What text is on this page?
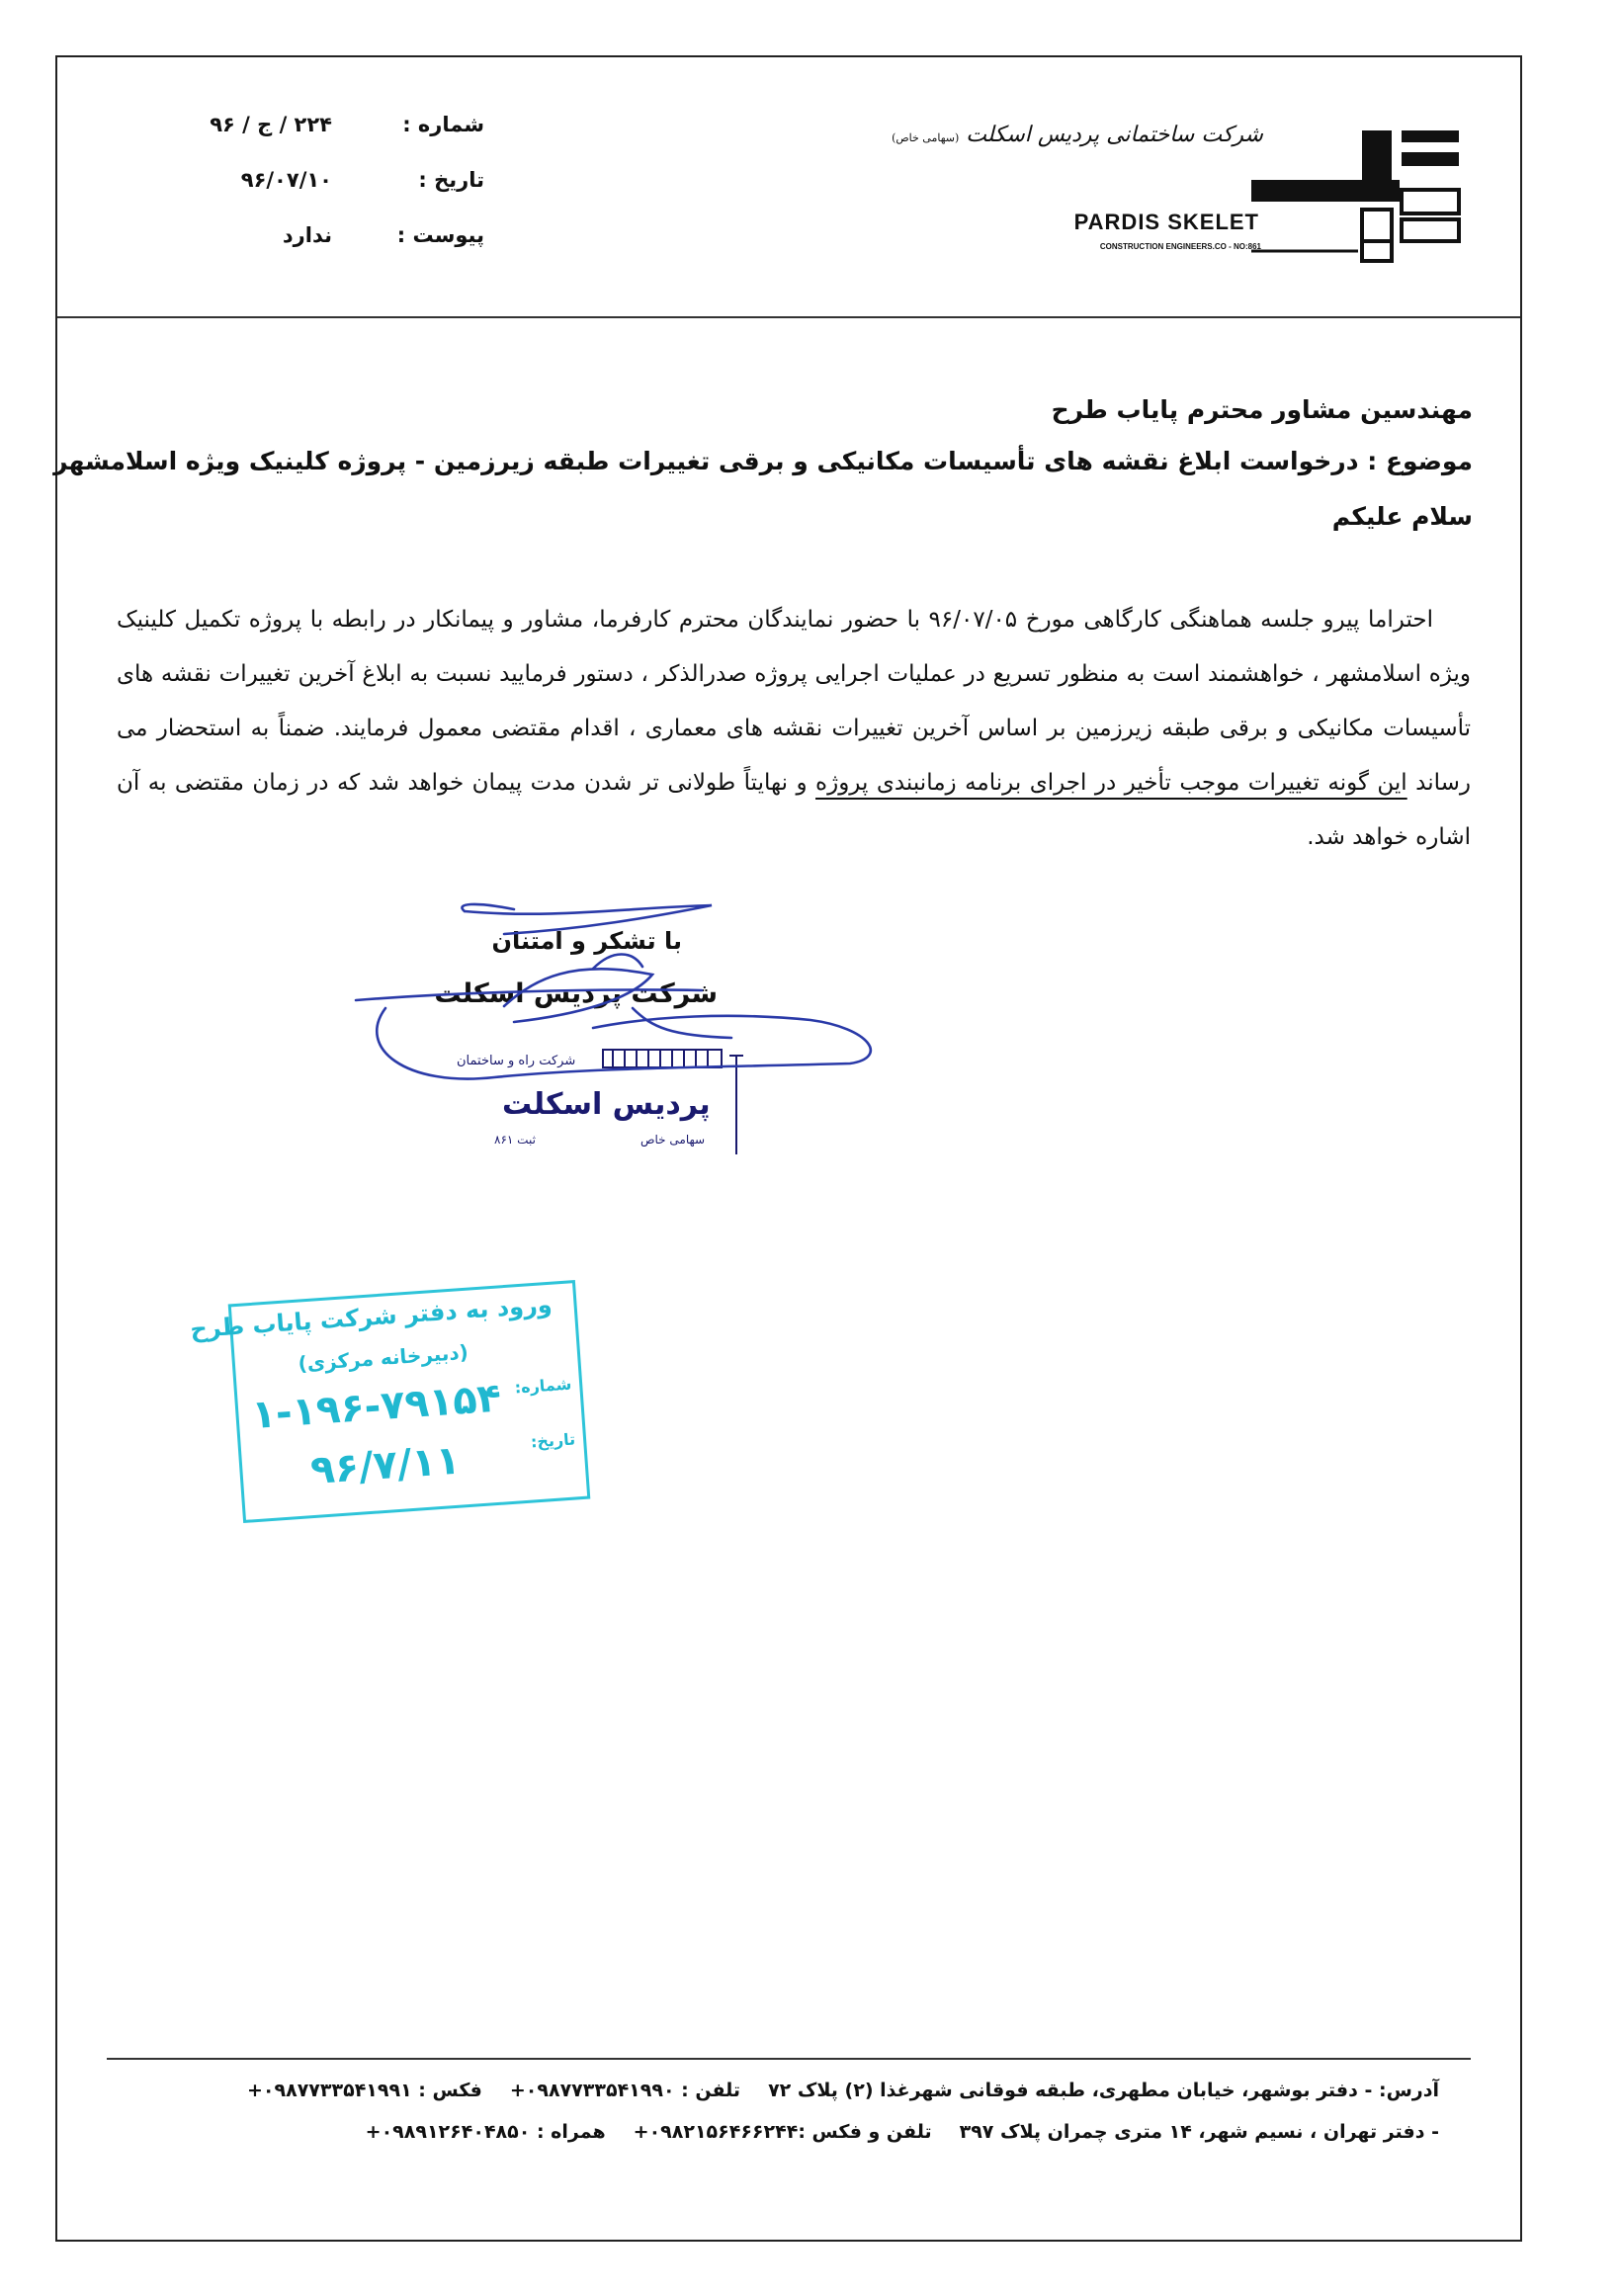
شماره :
۲۲۴ / ج / ۹۶
تاریخ :
۹۶/۰۷/۱۰
پیوست :
ندارد
شرکت ساختمانی پردیس اسکلت (سهامی خاص)
PARDIS SKELET
CONSTRUCTION ENGINEERS.CO - NO:861
مهندسین مشاور محترم پایاب طرح
موضوع : درخواست ابلاغ نقشه های تأسیسات مکانیکی و برقی تغییرات طبقه زیرزمین - پروژه کلینیک ویژه اسلامشهر
سلام علیکم

احتراما پیرو جلسه هماهنگی کارگاهی مورخ ۹۶/۰۷/۰۵ با حضور نمایندگان محترم کارفرما، مشاور و پیمانکار در رابطه با پروژه تکمیل کلینیک ویژه اسلامشهر ، خواهشمند است به منظور تسریع در عملیات اجرایی پروژه صدرالذکر ، دستور فرمایید نسبت به ابلاغ آخرین تغییرات نقشه های تأسیسات مکانیکی و برقی طبقه زیرزمین بر اساس آخرین تغییرات نقشه های معماری ، اقدام مقتضی معمول فرمایند. ضمناً به استحضار می رساند این گونه تغییرات موجب تأخیر در اجرای برنامه زمانبندی پروژه و نهایتاً طولانی تر شدن مدت پیمان خواهد شد که در زمان مقتضی به آن اشاره خواهد شد.

با تشکر و امتنان
شرکت پردیس اسکلت
شرکت راه و ساختمان
پردیس اسکلت
سهامی خاص
ثبت ۸۶۱
ورود به دفتر شرکت پایاب طرح
(دبیرخانه مرکزی)
شماره:
تاریخ:
۱-۱۹۶-۷۹۱۵۴
۹۶/۷/۱۱
آدرس: - دفتر بوشهر، خیابان مطهری، طبقه فوقانی شهرغذا (۲) پلاک ۷۲
تلفن : ۰۹۸۷۷۳۳۵۴۱۹۹۰+
فکس : ۰۹۸۷۷۳۳۵۴۱۹۹۱+
- دفتر تهران ، نسیم شهر، ۱۴ متری چمران پلاک ۳۹۷
تلفن و فکس :۰۹۸۲۱۵۶۴۶۶۲۴۴+
همراه : ۰۹۸۹۱۲۶۴۰۴۸۵۰+
